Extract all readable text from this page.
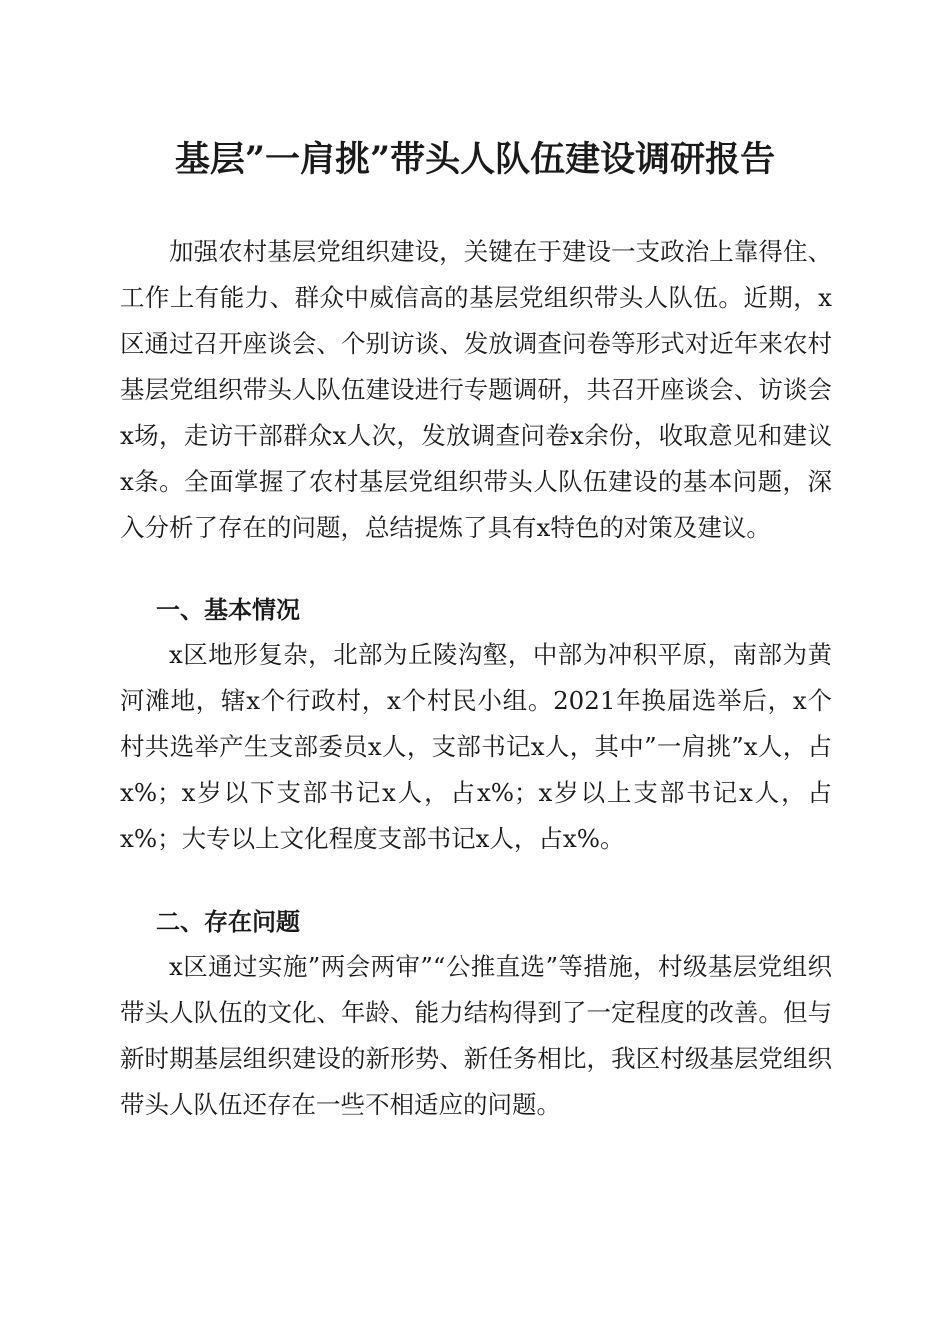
基层”一肩挑”带头人队伍建设调研报告

加强农村基层党组织建设，关键在于建设一支政治上靠得住、工作上有能力、群众中威信高的基层党组织带头人队伍。近期，x区通过召开座谈会、个别访谈、发放调查问卷等形式对近年来农村基层党组织带头人队伍建设进行专题调研，共召开座谈会、访谈会x场，走访干部群众x人次，发放调查问卷x余份，收取意见和建议x条。全面掌握了农村基层党组织带头人队伍建设的基本问题，深入分析了存在的问题，总结提炼了具有x特色的对策及建议。

一、基本情况

x区地形复杂，北部为丘陵沟壑，中部为冲积平原，南部为黄河滩地，辖x个行政村，x个村民小组。2021年换届选举后，x个村共选举产生支部委员x人，支部书记x人，其中”一肩挑”x人，占x%；x岁以下支部书记x人，占x%；x岁以上支部书记x人，占x%；大专以上文化程度支部书记x人，占x%。

二、存在问题

x区通过实施”两会两审”“公推直选”等措施，村级基层党组织带头人队伍的文化、年龄、能力结构得到了一定程度的改善。但与新时期基层组织建设的新形势、新任务相比，我区村级基层党组织带头人队伍还存在一些不相适应的问题。
